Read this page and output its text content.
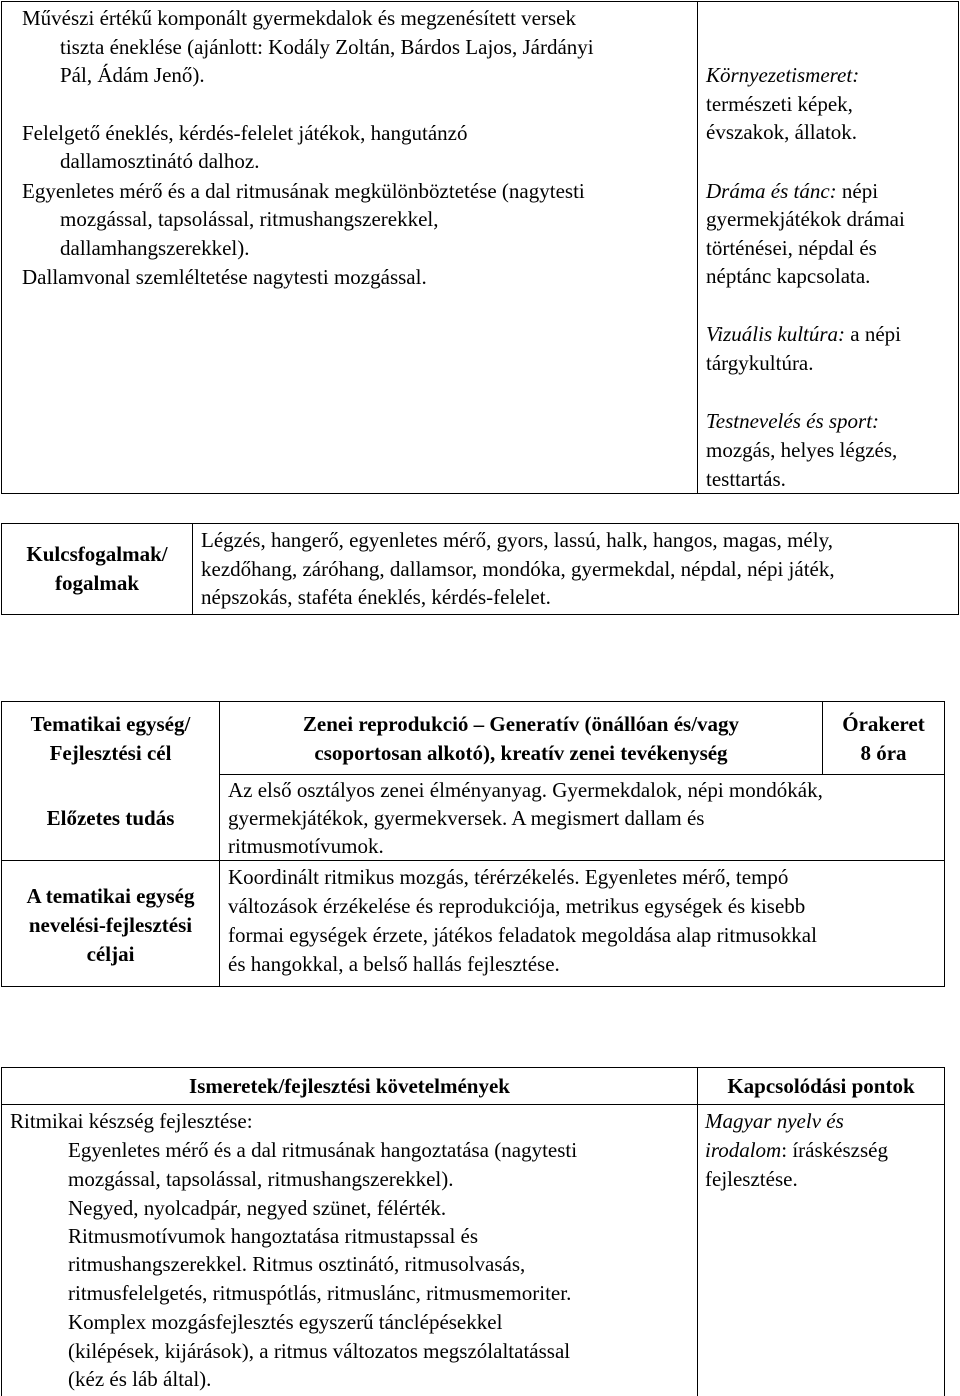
Művészi értékű komponált gyermekdalok és megzenésített versek
tiszta éneklése (ajánlott: Kodály Zoltán, Bárdos Lajos, Járdányi
Pál, Ádám Jenő).
Felelgető éneklés, kérdés-felelet játékok, hangutánzó
dallamosztinátó dalhoz.
Egyenletes mérő és a dal ritmusának megkülönböztetése (nagytesti
mozgással, tapsolással, ritmushangszerekkel,
dallamhangszerekkel).
Dallamvonal szemléltetése nagytesti mozgással.
Környezetismeret:
természeti képek,
évszakok, állatok.
Dráma és tánc: népi
gyermekjátékok drámai
történései, népdal és
néptánc kapcsolata.
Vizuális kultúra: a népi
tárgykultúra.
Testnevelés és sport:
mozgás, helyes légzés,
testtartás.
Kulcsfogalmak/
fogalmak
Légzés, hangerő, egyenletes mérő, gyors, lassú, halk, hangos, magas, mély,
kezdőhang, záróhang, dallamsor, mondóka, gyermekdal, népdal, népi játék,
népszokás, staféta éneklés, kérdés-felelet.
Tematikai egység/
Fejlesztési cél
Zenei reprodukció – Generatív (önállóan és/vagy
csoportosan alkotó), kreatív zenei tevékenység
Órakeret
8 óra
Előzetes tudás
Az első osztályos zenei élményanyag. Gyermekdalok, népi mondókák,
gyermekjátékok, gyermekversek. A megismert dallam és
ritmusmotívumok.
A tematikai egység
nevelési-fejlesztési
céljai
Koordinált ritmikus mozgás, térérzékelés. Egyenletes mérő, tempó
változások érzékelése és reprodukciója, metrikus egységek és kisebb
formai egységek érzete, játékos feladatok megoldása alap ritmusokkal
és hangokkal, a belső hallás fejlesztése.
Ismeretek/fejlesztési követelmények	Kapcsolódási pontok
Ritmikai készség fejlesztése:
Egyenletes mérő és a dal ritmusának hangoztatása (nagytesti
mozgással, tapsolással, ritmushangszerekkel).
Negyed, nyolcadpár, negyed szünet, félérték.
Ritmusmotívumok hangoztatása ritmustapssal és
ritmushangszerekkel. Ritmus osztinátó, ritmusolvasás,
ritmusfelelgetés, ritmuspótlás, ritmuslánc, ritmusmemoriter.
Komplex mozgásfejlesztés egyszerű tánclépésekkel
(kilépések, kijárások), a ritmus változatos megszólaltatással
(kéz és láb által).
Magyar nyelv és
irodalom: íráskészség
fejlesztése.
